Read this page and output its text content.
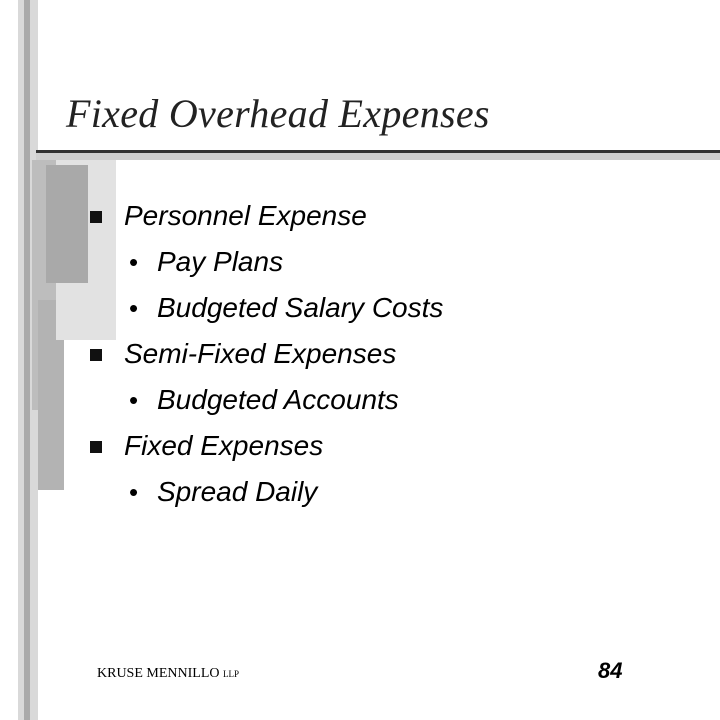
Fixed Overhead Expenses
Personnel Expense
• Pay Plans
• Budgeted Salary Costs
Semi-Fixed Expenses
• Budgeted Accounts
Fixed Expenses
• Spread Daily
KRUSE MENNILLO LLP	84
